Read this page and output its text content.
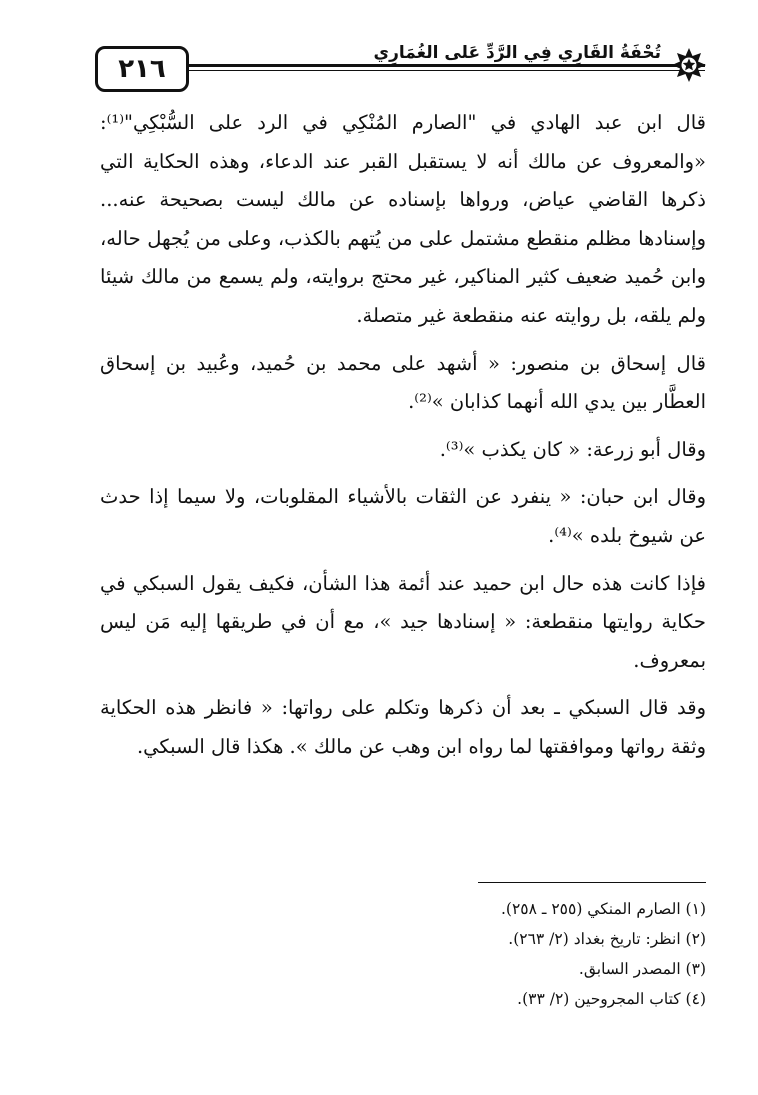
تُحْفَةُ القَارِي فِي الرَّدِّ عَلى الغُمَارِي
٢١٦

قال ابن عبد الهادي في "الصارم المُنْكِي في الرد على السُّبْكِي"⁽¹⁾: «والمعروف عن مالك أنه لا يستقبل القبر عند الدعاء، وهذه الحكاية التي ذكرها القاضي عياض، ورواها بإسناده عن مالك ليست بصحيحة عنه... وإسنادها مظلم منقطع مشتمل على من يُتهم بالكذب، وعلى من يُجهل حاله، وابن حُميد ضعيف كثير المناكير، غير محتج بروايته، ولم يسمع من مالك شيئا ولم يلقه، بل روايته عنه منقطعة غير متصلة.

قال إسحاق بن منصور: « أشهد على محمد بن حُميد، وعُبيد بن إسحاق العطَّار بين يدي الله أنهما كذابان »⁽²⁾.

وقال أبو زرعة: « كان يكذب »⁽³⁾.

وقال ابن حبان: « ينفرد عن الثقات بالأشياء المقلوبات، ولا سيما إذا حدث عن شيوخ بلده »⁽⁴⁾.

فإذا كانت هذه حال ابن حميد عند أئمة هذا الشأن، فكيف يقول السبكي في حكاية روايتها منقطعة: « إسنادها جيد »، مع أن في طريقها إليه مَن ليس بمعروف.

وقد قال السبكي ـ بعد أن ذكرها وتكلم على رواتها: « فانظر هذه الحكاية وثقة رواتها وموافقتها لما رواه ابن وهب عن مالك ». هكذا قال السبكي.

(١) الصارم المنكي (٢٥٥ ـ ٢٥٨).

(٢) انظر: تاريخ بغداد (٢/ ٢٦٣).

(٣) المصدر السابق.

(٤) كتاب المجروحين (٢/ ٣٣).
